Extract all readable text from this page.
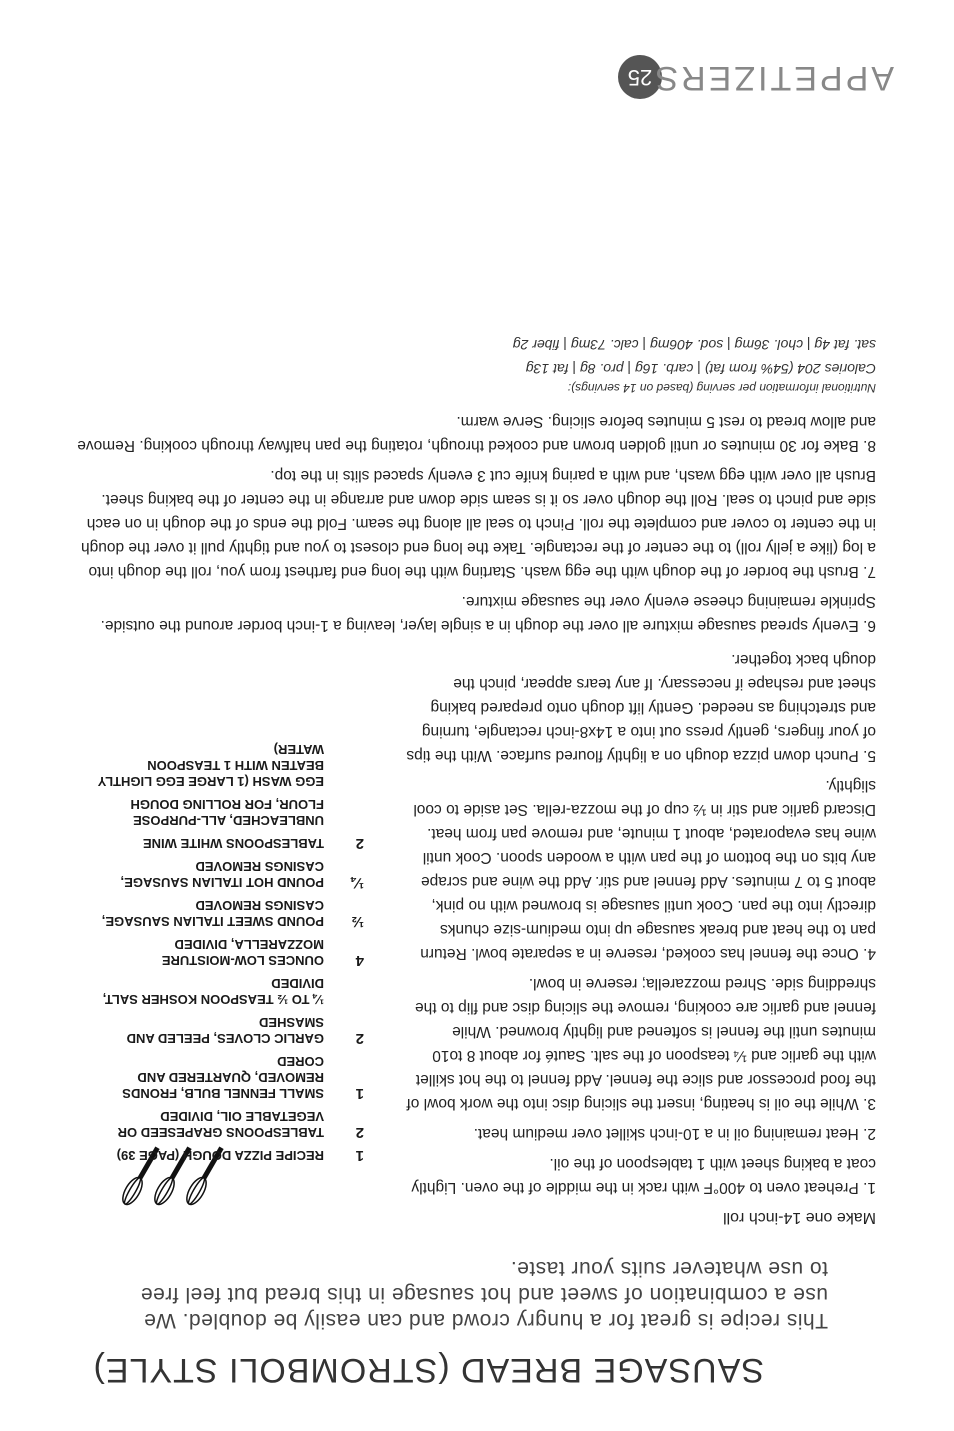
25 APPETIZERS
SAUSAGE BREAD (STROMBOLI STYLE)
This recipe is great for a hungry crowd and can easily be doubled. We use a combination of sweet and hot sausage in this bread but feel free to use whatever suits your taste.
1
RECIPE PIZZA DOUGH (PAGE 39)
2
TABLESPOONS GRAPESEED OR VEGETABLE OIL, DIVIDED
1
SMALL FENNEL BULB, FRONDS REMOVED, QUARTERED AND CORED
2
GARLIC CLOVES, PEELED AND SMASHED
¼ TO ½ TEASPOON KOSHER SALT, DIVIDED
4
OUNCES LOW-MOISTURE MOZZARELLA, DIVIDED
½
POUND SWEET ITALIAN SAUSAGE, CASINGS REMOVED
¼
POUND HOT ITALIAN SAUSAGE, CASINGS REMOVED
2
TABLESPOONS WHITE WINE
UNBLEACHED, ALL-PURPOSE FLOUR, FOR ROLLING DOUGH
EGG WASH (1 LARGE EGG LIGHTLY BEATEN WITH 1 TEASPOON WATER)
Make one 14-inch roll
1. Preheat oven to 400°F with rack in the middle of the oven. Lightly coat a baking sheet with 1 tablespoon of the oil.
2. Heat remaining oil in a 10-inch skillet over medium heat.
3. While the oil is heating, insert the slicing disc into the work bowl of the food processor and slice the fennel. Add fennel to the hot skillet with the garlic and ¼ teaspoon of the salt. Sauté for about 8 to10 minutes until the fennel is softened and lightly browned. While fennel and garlic are cooking, remove the slicing disc and flip to the shredding side. Shred mozzarella; reserve in bowl.
4. Once the fennel has cooked, reserve in a separate bowl. Return pan to the heat and break sausage up into medium-size chunks directly into the pan. Cook until sausage is browned with no pink, about 5 to 7 minutes. Add fennel and stir. Add the wine and scrape any bits on the bottom of the pan with a wooden spoon. Cook until wine has evaporated, about 1 minute, and remove pan from heat. Discard garlic and stir in ½ cup of the mozza-rella. Set aside to cool slightly.
5. Punch down pizza dough on a lightly floured surface. With the tips of your fingers, gently press out into a 14x8-inch rectangle, turning and stretching as needed. Gently lift dough onto prepared baking sheet and reshape if necessary. If any tears appear, pinch the dough back together.
6. Evenly spread sausage mixture all over the dough in a single layer, leaving a 1-inch border around the outside. Sprinkle remaining cheese evenly over the sausage mixture.
7. Brush the border of the dough with the egg wash. Starting with the long end farthest from you, roll the dough into a log (like a jelly roll) to the center of the rectangle. Take the long end closest to you and tightly pull it over the dough in the center to cover and complete the roll. Pinch to seal all along the seam. Fold the ends of the dough in on each side and pinch to seal. Roll the dough over so it is seam side down and arrange in the center of the baking sheet. Brush all over with egg wash, and with a paring knife cut 3 evenly spaced slits in the top.
8. Bake for 30 minutes or until golden brown and cooked through, rotating the pan halfway through cooking. Remove and allow bread to rest 5 minutes before slicing. Serve warm.
Nutritional information per serving (based on 14 servings):
Calories 204 (54% from fat) | carb. 16g | pro. 8g | fat 13g
sat. fat 4g | chol. 36mg | sod. 406mg | calc. 73mg | fiber 2g
